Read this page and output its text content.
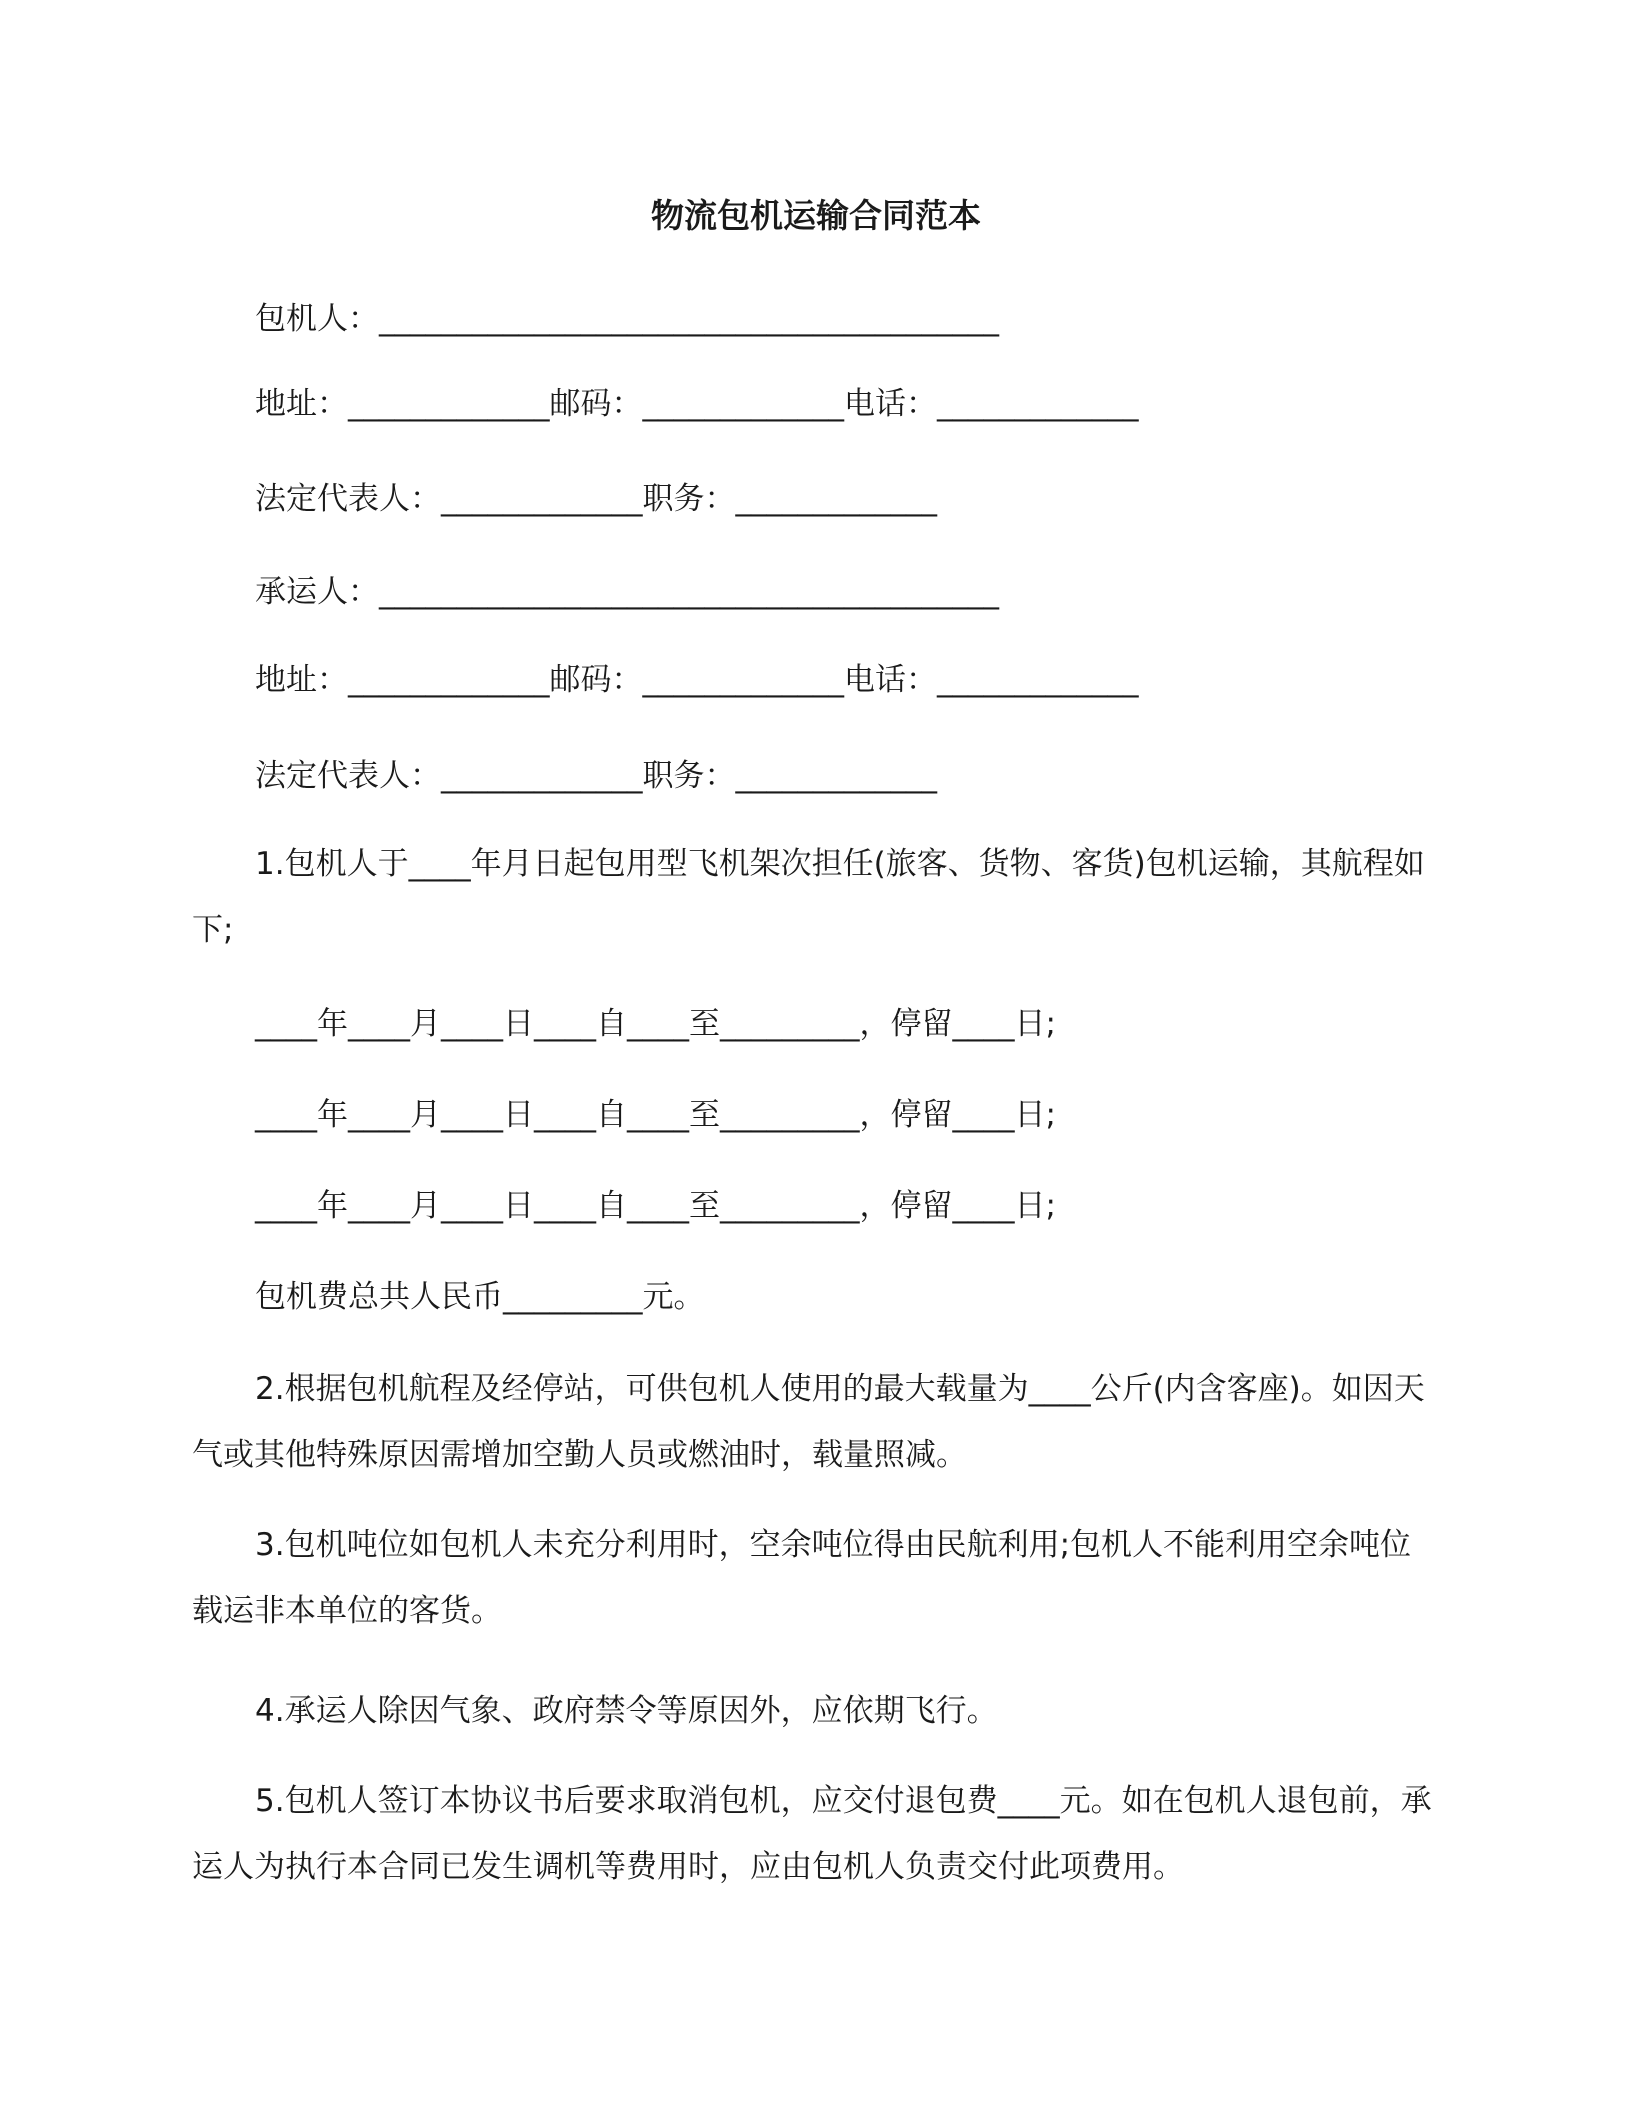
物流包机运输合同范本
包机人：________________________________________
地址：_____________邮码：_____________电话：_____________
法定代表人：_____________职务：_____________
承运人：________________________________________
地址：_____________邮码：_____________电话：_____________
法定代表人：_____________职务：_____________
1.包机人于____年月日起包用型飞机架次担任(旅客、货物、客货)包机运输，其航程如下;
____年____月____日____自____至_________，停留____日;
____年____月____日____自____至_________，停留____日;
____年____月____日____自____至_________，停留____日;
包机费总共人民币_________元。
2.根据包机航程及经停站，可供包机人使用的最大载量为____公斤(内含客座)。如因天气或其他特殊原因需增加空勤人员或燃油时，载量照减。
3.包机吨位如包机人未充分利用时，空余吨位得由民航利用;包机人不能利用空余吨位载运非本单位的客货。
4.承运人除因气象、政府禁令等原因外，应依期飞行。
5.包机人签订本协议书后要求取消包机，应交付退包费____元。如在包机人退包前，承运人为执行本合同已发生调机等费用时，应由包机人负责交付此项费用。
